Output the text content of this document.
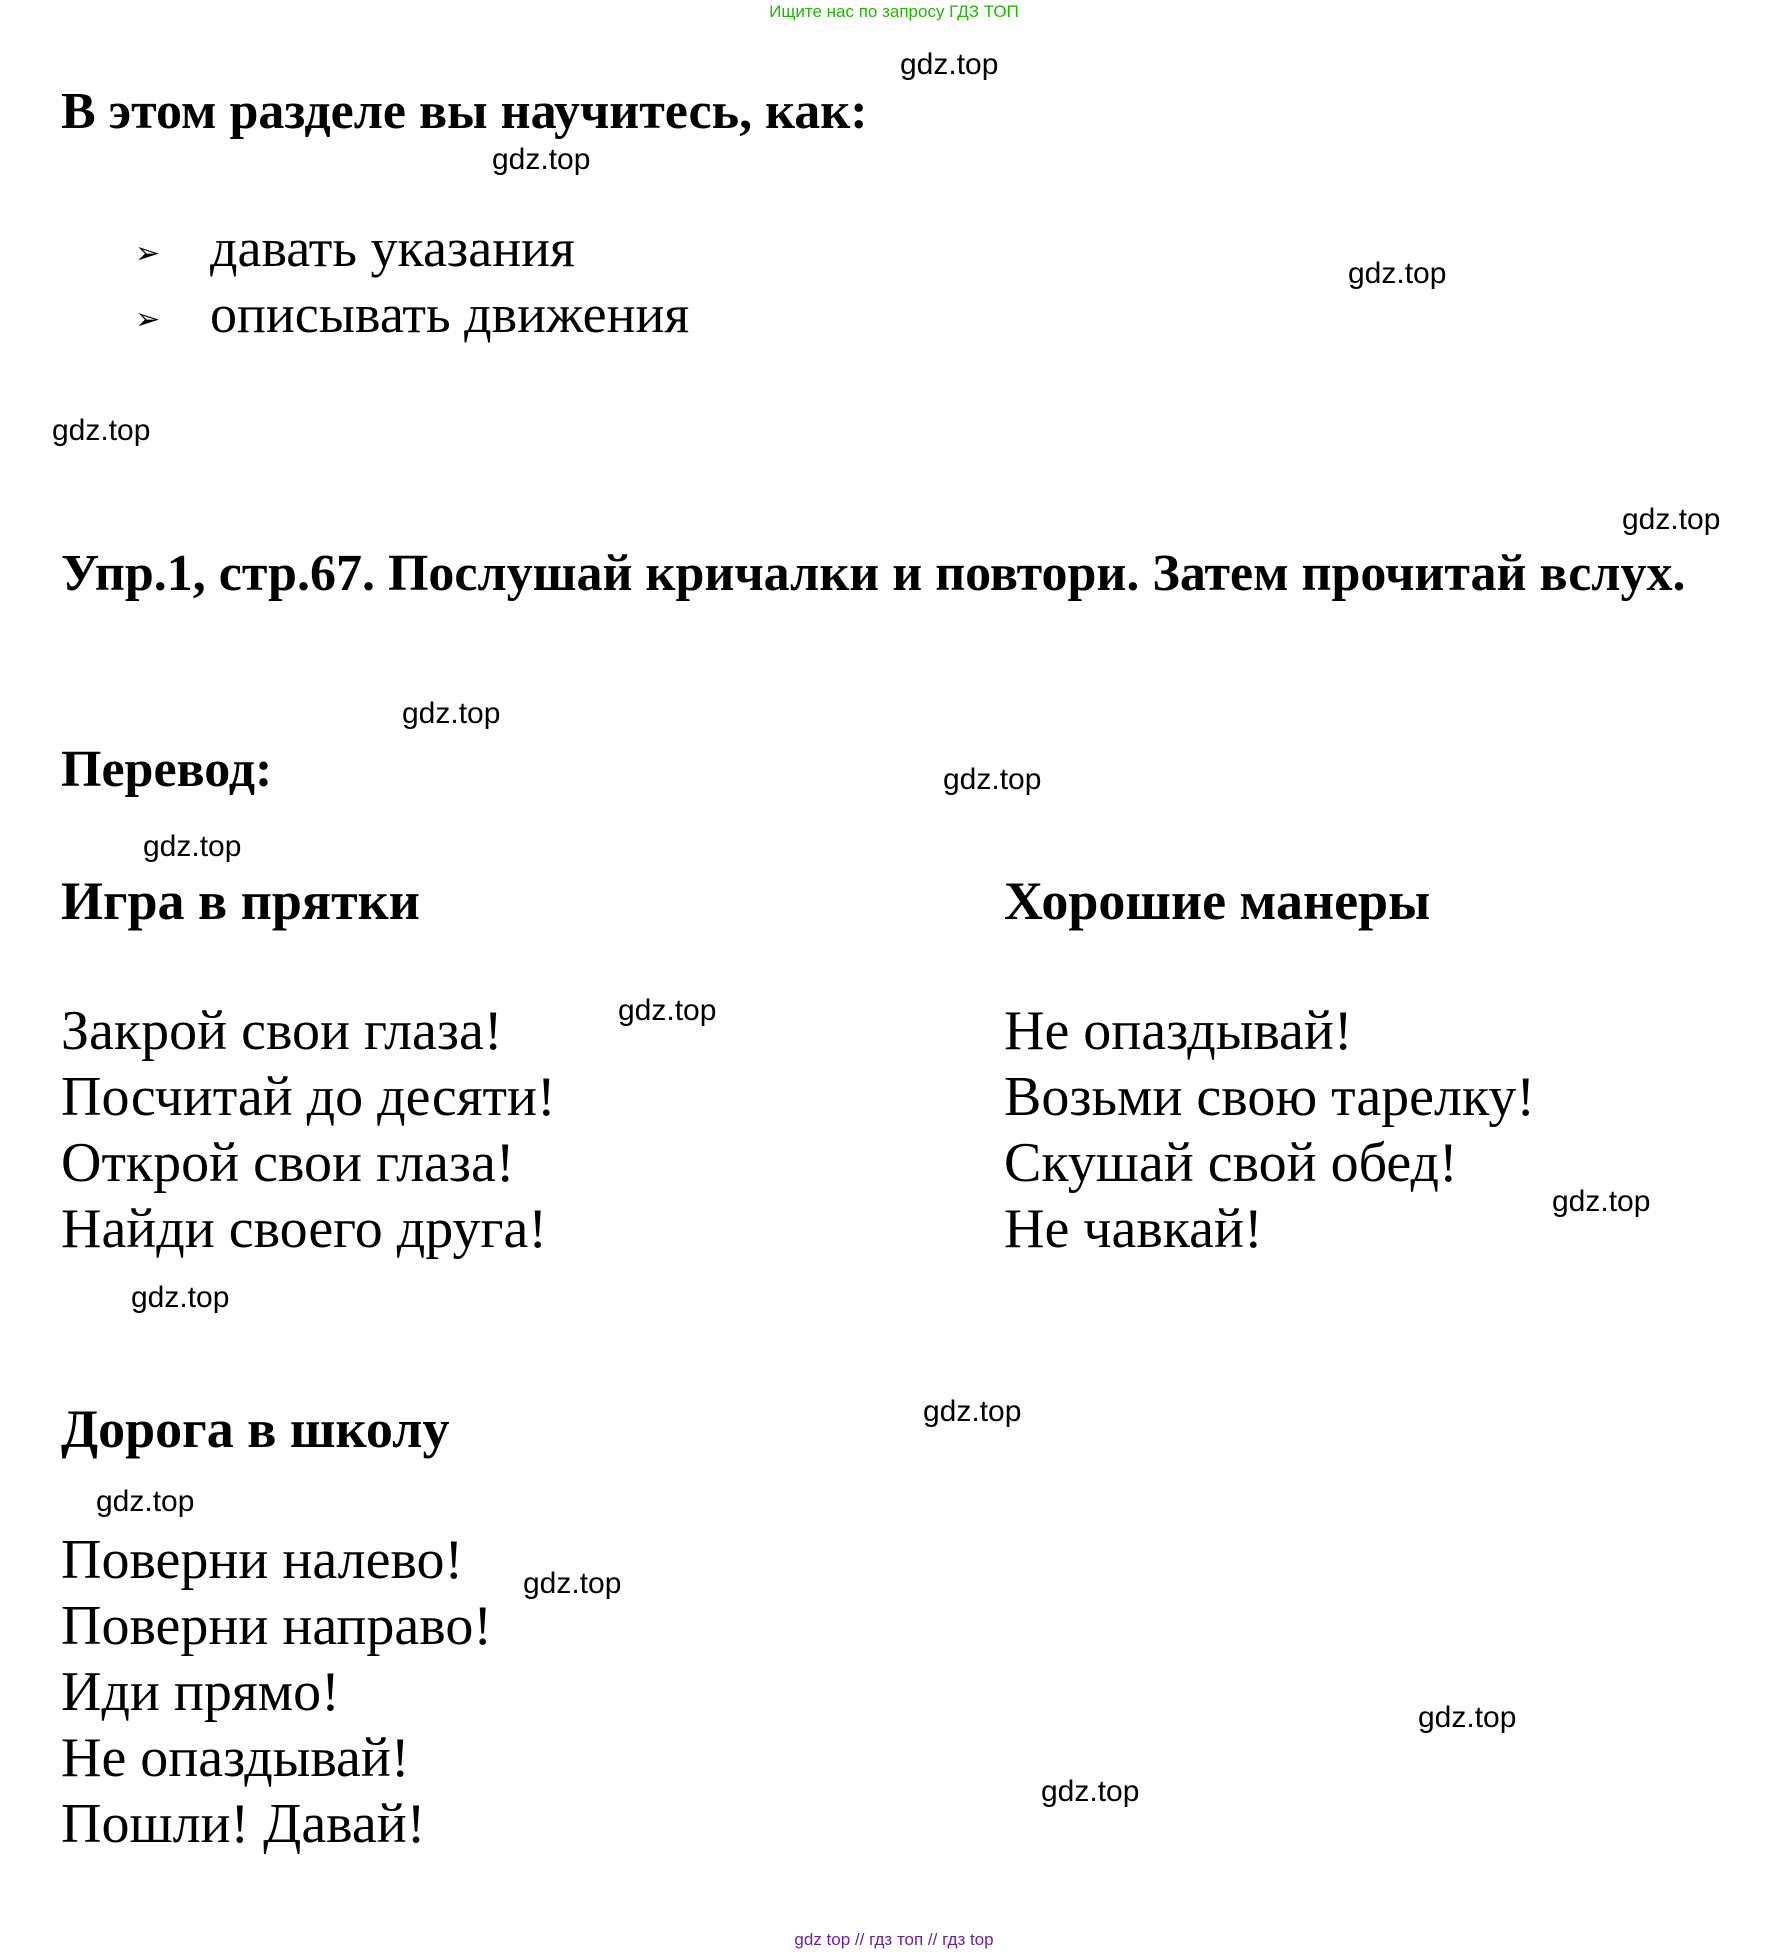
Ищите нас по запросу ГДЗ ТОП
gdz.top
gdz.top
gdz.top
gdz.top
gdz.top
gdz.top
gdz.top
gdz.top
gdz.top
gdz.top
gdz.top
gdz.top
gdz.top
gdz.top
gdz.top
gdz.top
В этом разделе вы научитесь, как:
➢ давать указания
➢ описывать движения
Упр.1, стр.67. Послушай кричалки и повтори. Затем прочитай вслух.
Перевод:
Игра в прятки
Закрой свои глаза!
Посчитай до десяти!
Открой свои глаза!
Найди своего друга!
Хорошие манеры
Не опаздывай!
Возьми свою тарелку!
Скушай свой обед!
Не чавкай!
Дорога в школу
Поверни налево!
Поверни направо!
Иди прямо!
Не опаздывай!
Пошли! Давай!
gdz top // гдз топ // гдз top
